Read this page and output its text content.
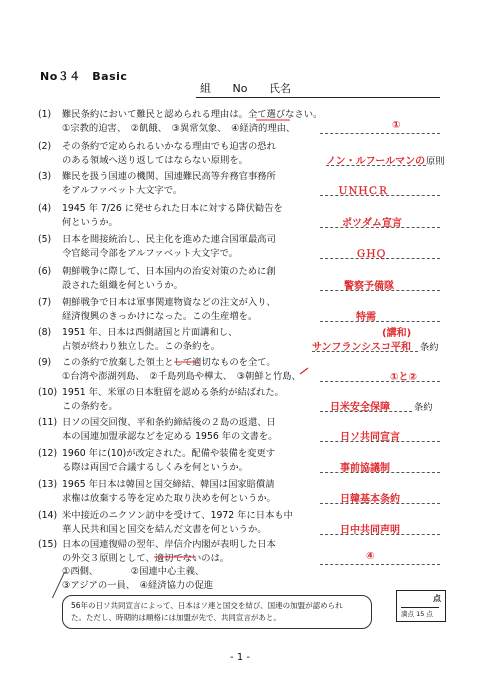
No３４　Basic
組 No 氏名
(1)	難民条約において難民と認められる理由は。全て選びなさい。
①宗教的迫害、　②飢餓、　③異常気象、　④経済的理由、	①
(2)	その条約で定められるいかなる理由でも迫害の恐れ
のある領域へ送り返してはならない原則を。	ノン・ルフールマンの 原則
(3)	難民を扱う国連の機関、国連難民高等弁務官事務所
をアルファベット大文字で。	ＵＮＨＣＲ
(4)	1945 年 7/26 に発せられた日本に対する降伏勧告を
何というか。	ポツダム宣言
(5)	日本を間接統治し、民主化を進めた連合国軍最高司
令官総司令部をアルファベット大文字で。	ＧＨＱ
(6)	朝鮮戦争に際して、日本国内の治安対策のために創
設された組織を何というか。	警察予備隊
(7)	朝鮮戦争で日本は軍事関連物資などの注文が入り、
経済復興のきっかけになった。この生産増を。	特需
(8)	1951 年、日本は西側諸国と片面講和し、
占領が終わり独立した。この条約を。	サンフランシスコ平和
(講和)
条約
(9)	この条約で放棄した領土として適切なものを全て。
①台湾や澎湖列島、　②千島列島や樺太、　③朝鮮と竹島、	①と②
(10) 1951 年、米軍の日本駐留を認める条約が結ばれた。
この条約を。	日米安全保障	条約
(11) 日ソの国交回復、平和条約締結後の２島の返還、日
本の国連加盟承認などを定める 1956 年の文書を。	日ソ共同宣言
(12) 1960 年に(10)が改定された。配備や装備を変更す
る際は両国で合議するしくみを何というか。	事前協議制
(13) 1965 年日本は韓国と国交締結、韓国は国家賠償請
求権は放棄する等を定めた取り決めを何というか。	日韓基本条約
(14) 米中接近のニクソン訪中を受けて、1972 年に日本も中
華人民共和国と国交を結んだ文書を何というか。	日中共同声明
(15) 日本の国連復帰の翌年、岸信介内閣が表明した日本
の外交３原則として、適切でないのは。
①西側、　　　　②国連中心主義、
③アジアの一員、　④経済協力の促進
④
56年の日ソ共同宣言によって、日本はソ連と国交を結び、国連の加盟が認められ
た。ただし、時期的は順格には加盟が先で、共同宣言があと。
点
満点 15 点
- 1 -
